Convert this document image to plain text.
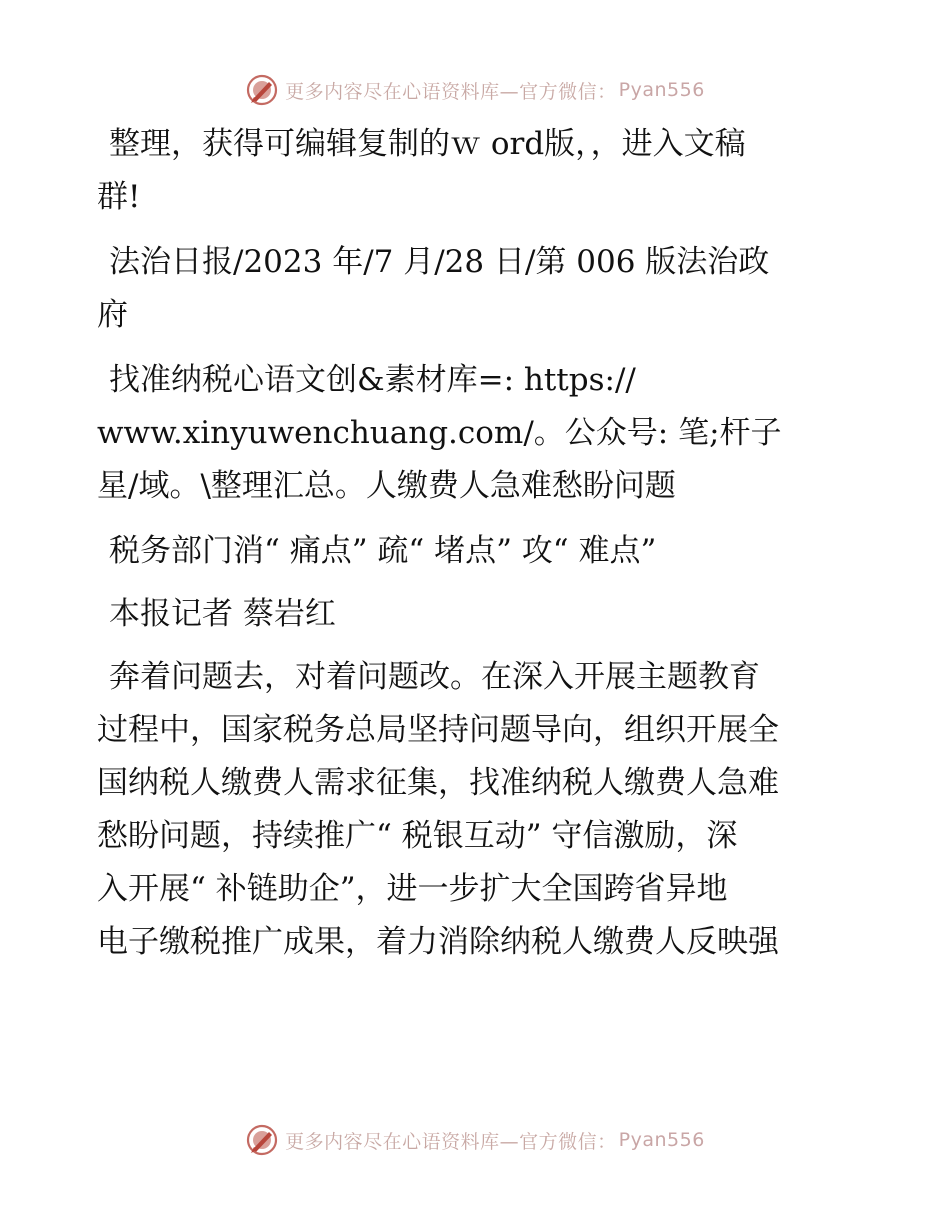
更多内容尽在心语资料库—官方微信： Pyan556

整理，获得可编辑复制的ｗ ord版，，进入文稿
群!

法治日报/2023 年/7 月/28 日/第 006 版法治政
府

找准纳税心语文创&素材库=: https://
www.xinyuwenchuang.com/。公众号: 笔;杆子
星/域。\整理汇总。人缴费人急难愁盼问题

税务部门消“ 痛点” 疏“ 堵点” 攻“ 难点”

本报记者 蔡岩红

奔着问题去，对着问题改。在深入开展主题教育
过程中，国家税务总局坚持问题导向，组织开展全
国纳税人缴费人需求征集，找准纳税人缴费人急难
愁盼问题，持续推广“ 税银互动” 守信激励，深
入开展“ 补链助企”，进一步扩大全国跨省异地
电子缴税推广成果，着力消除纳税人缴费人反映强

更多内容尽在心语资料库—官方微信： Pyan556
